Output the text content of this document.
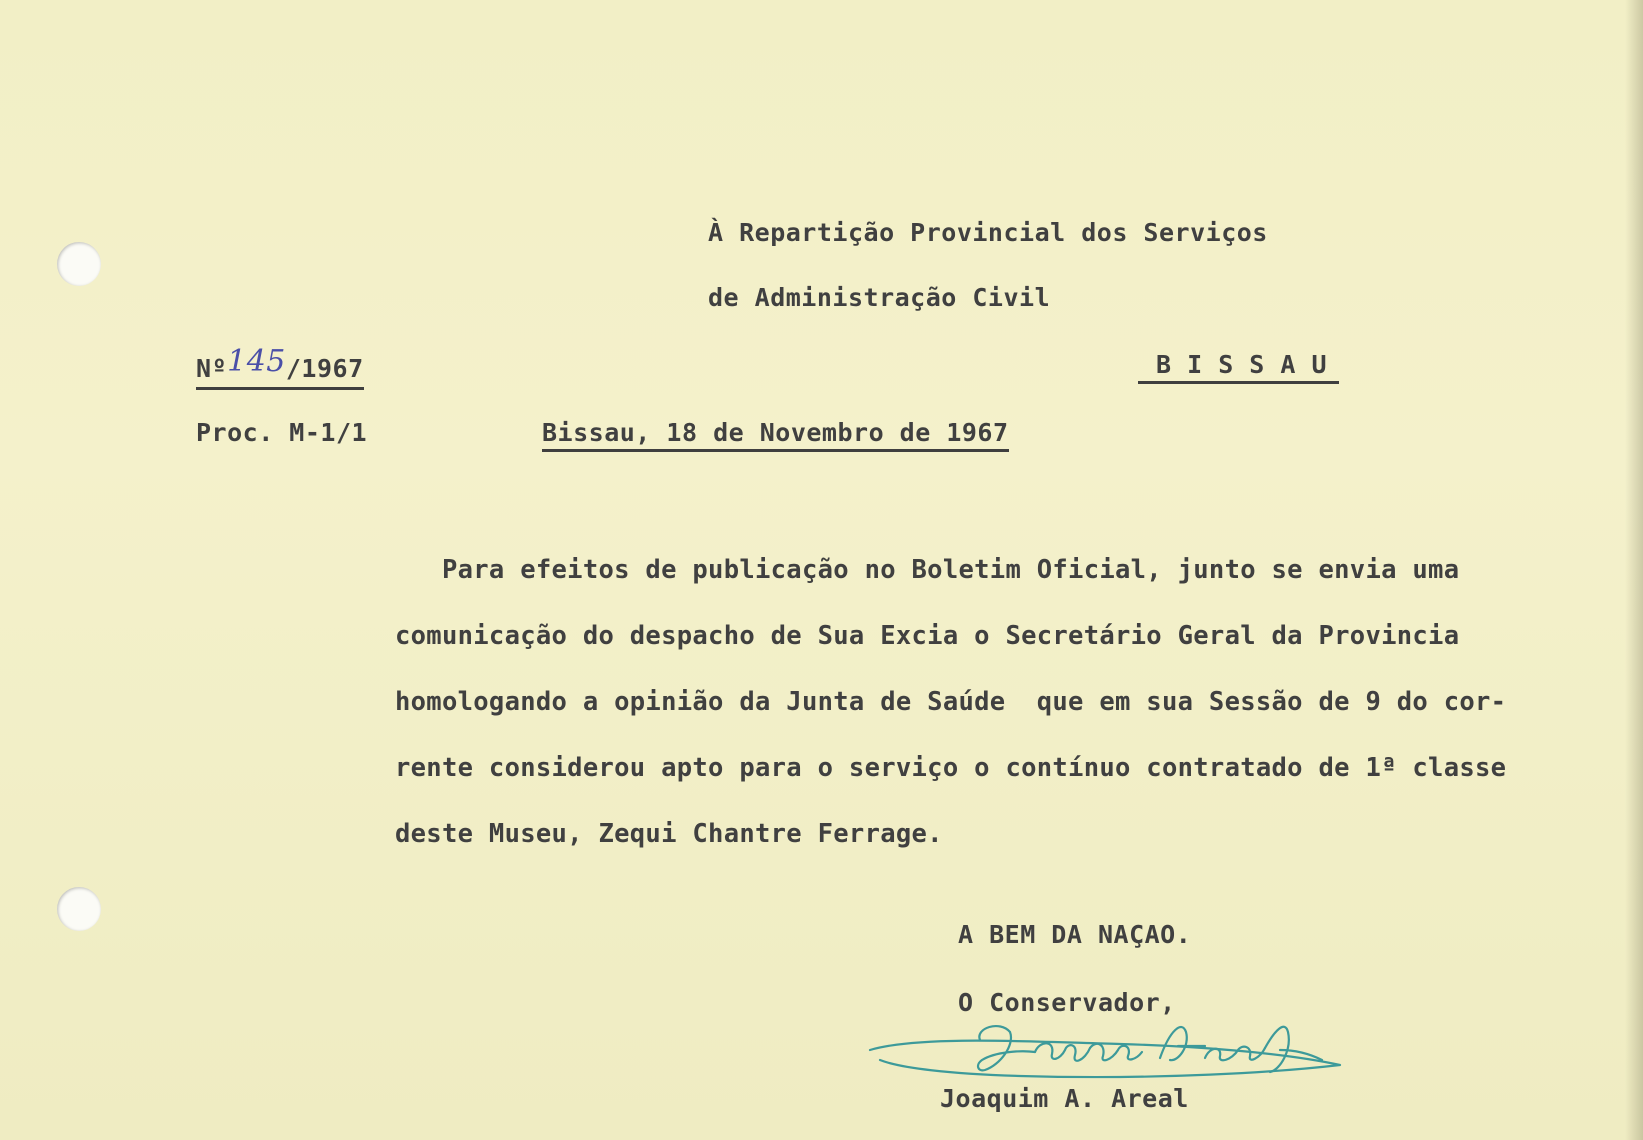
À Repartição Provincial dos Serviços
de Administração Civil
Nº145/1967	B I S S A U
Proc. M-1/1	Bissau, 18 de Novembro de 1967
Para efeitos de publicação no Boletim Oficial, junto se envia uma
comunicação do despacho de Sua Excia o Secretário Geral da Provincia
homologando a opinião da Junta de Saúde  que em sua Sessão de 9 do cor-
rente considerou apto para o serviço o contínuo contratado de 1ª classe
deste Museu, Zequi Chantre Ferrage.
A BEM DA NAÇAO.
O Conservador,
Joaquim Areal
Joaquim A. Areal
